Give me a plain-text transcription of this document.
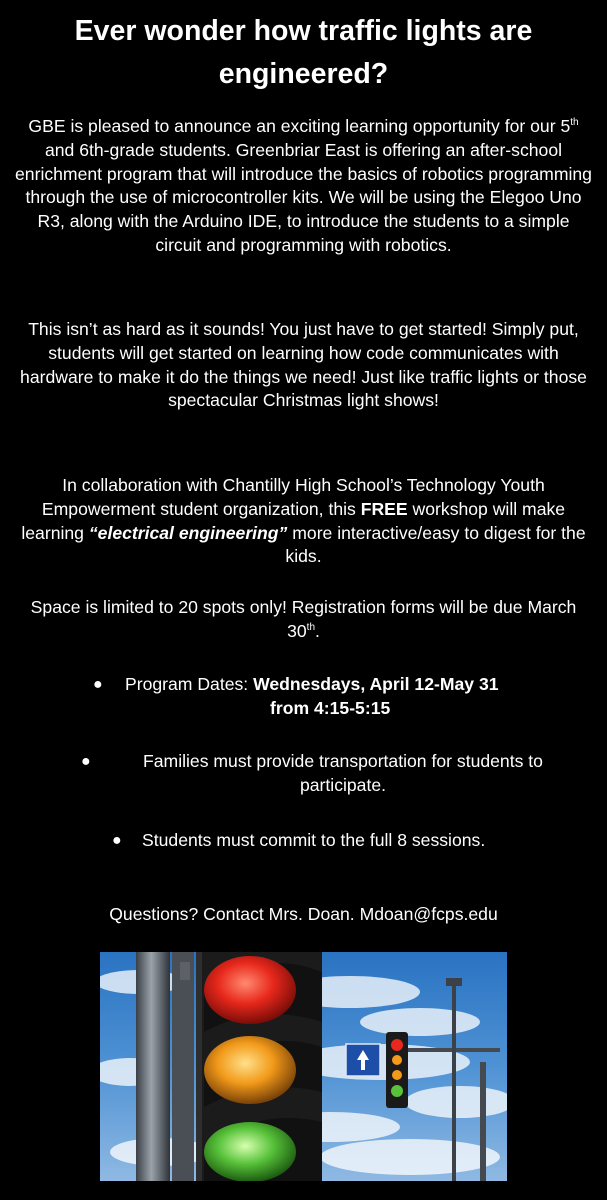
Ever wonder how traffic lights are engineered?

GBE is pleased to announce an exciting learning opportunity for our 5th and 6th-grade students. Greenbriar East is offering an after-school enrichment program that will introduce the basics of robotics programming through the use of microcontroller kits. We will be using the Elegoo Uno R3, along with the Arduino IDE, to introduce the students to a simple circuit and programming with robotics.

This isn’t as hard as it sounds! You just have to get started! Simply put, students will get started on learning how code communicates with hardware to make it do the things we need! Just like traffic lights or those spectacular Christmas light shows!

In collaboration with Chantilly High School’s Technology Youth Empowerment student organization, this FREE workshop will make learning “electrical engineering” more interactive/easy to digest for the kids.

Space is limited to 20 spots only! Registration forms will be due March 30th.

● Program Dates: Wednesdays, April 12-May 31
from 4:15-5:15
●	Families must provide transportation for students to participate.
● Students must commit to the full 8 sessions.

Questions? Contact Mrs. Doan. Mdoan@fcps.edu
